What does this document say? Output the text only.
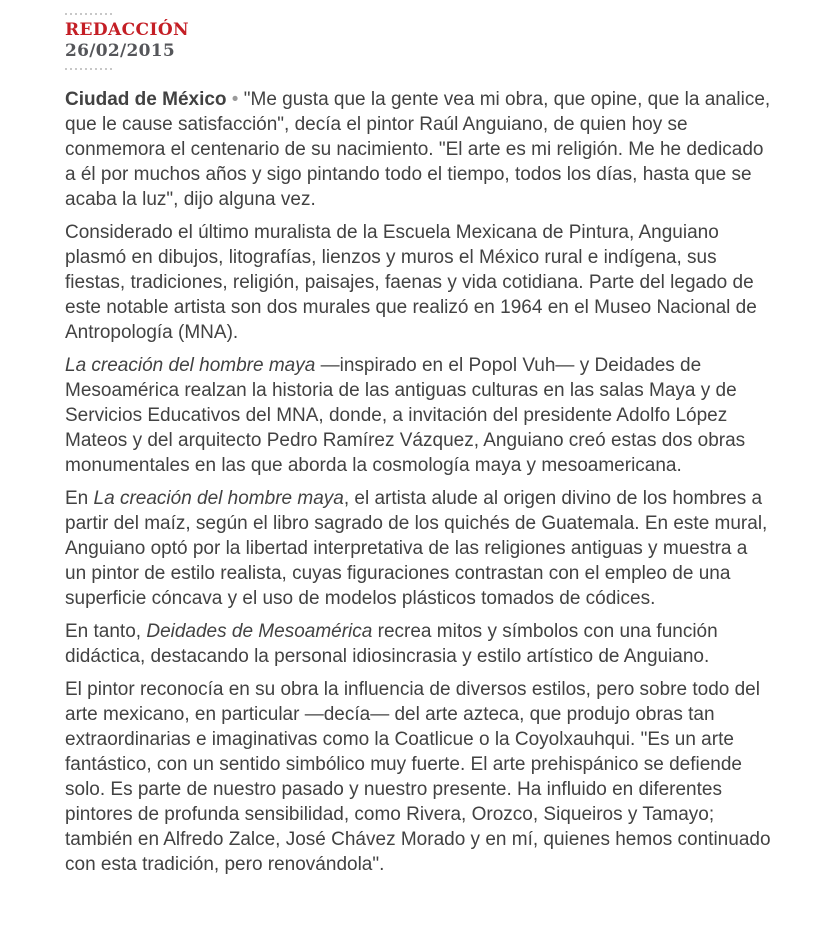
REDACCIÓN
26/02/2015

Ciudad de México • "Me gusta que la gente vea mi obra, que opine, que la analice, que le cause satisfacción", decía el pintor Raúl Anguiano, de quien hoy se conmemora el centenario de su nacimiento. "El arte es mi religión. Me he dedicado a él por muchos años y sigo pintando todo el tiempo, todos los días, hasta que se acaba la luz", dijo alguna vez.

Considerado el último muralista de la Escuela Mexicana de Pintura, Anguiano plasmó en dibujos, litografías, lienzos y muros el México rural e indígena, sus fiestas, tradiciones, religión, paisajes, faenas y vida cotidiana. Parte del legado de este notable artista son dos murales que realizó en 1964 en el Museo Nacional de Antropología (MNA).

La creación del hombre maya —inspirado en el Popol Vuh— y Deidades de Mesoamérica realzan la historia de las antiguas culturas en las salas Maya y de Servicios Educativos del MNA, donde, a invitación del presidente Adolfo López Mateos y del arquitecto Pedro Ramírez Vázquez, Anguiano creó estas dos obras monumentales en las que aborda la cosmología maya y mesoamericana.

En La creación del hombre maya, el artista alude al origen divino de los hombres a partir del maíz, según el libro sagrado de los quichés de Guatemala. En este mural, Anguiano optó por la libertad interpretativa de las religiones antiguas y muestra a un pintor de estilo realista, cuyas figuraciones contrastan con el empleo de una superficie cóncava y el uso de modelos plásticos tomados de códices.

En tanto, Deidades de Mesoamérica recrea mitos y símbolos con una función didáctica, destacando la personal idiosincrasia y estilo artístico de Anguiano.

El pintor reconocía en su obra la influencia de diversos estilos, pero sobre todo del arte mexicano, en particular —decía— del arte azteca, que produjo obras tan extraordinarias e imaginativas como la Coatlicue o la Coyolxauhqui. "Es un arte fantástico, con un sentido simbólico muy fuerte. El arte prehispánico se defiende solo. Es parte de nuestro pasado y nuestro presente. Ha influido en diferentes pintores de profunda sensibilidad, como Rivera, Orozco, Siqueiros y Tamayo; también en Alfredo Zalce, José Chávez Morado y en mí, quienes hemos continuado con esta tradición, pero renovándola".
